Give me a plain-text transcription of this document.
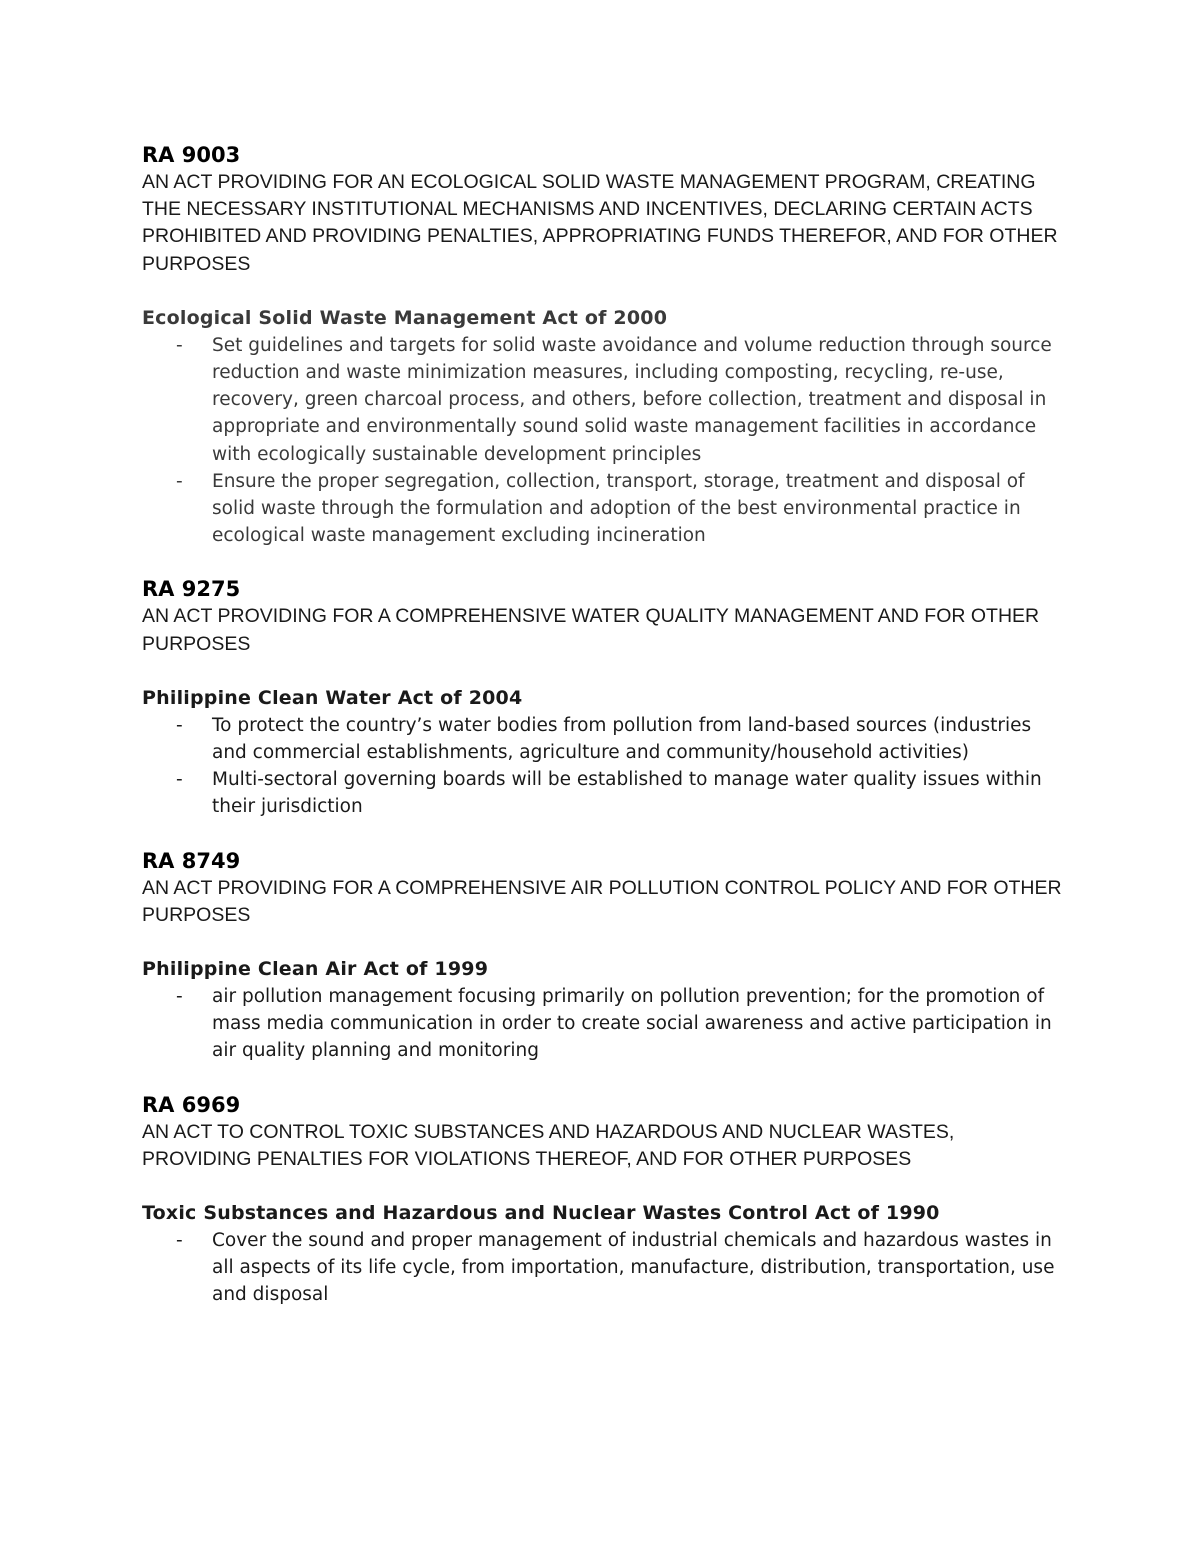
RA 9003

AN ACT PROVIDING FOR AN ECOLOGICAL SOLID WASTE MANAGEMENT PROGRAM, CREATING THE NECESSARY INSTITUTIONAL MECHANISMS AND INCENTIVES, DECLARING CERTAIN ACTS PROHIBITED AND PROVIDING PENALTIES, APPROPRIATING FUNDS THEREFOR, AND FOR OTHER PURPOSES

Ecological Solid Waste Management Act of 2000

- Set guidelines and targets for solid waste avoidance and volume reduction through source reduction and waste minimization measures, including composting, recycling, re-use, recovery, green charcoal process, and others, before collection, treatment and disposal in appropriate and environmentally sound solid waste management facilities in accordance with ecologically sustainable development principles
- Ensure the proper segregation, collection, transport, storage, treatment and disposal of solid waste through the formulation and adoption of the best environmental practice in ecological waste management excluding incineration

RA 9275

AN ACT PROVIDING FOR A COMPREHENSIVE WATER QUALITY MANAGEMENT AND FOR OTHER PURPOSES

Philippine Clean Water Act of 2004

- To protect the country’s water bodies from pollution from land-based sources (industries and commercial establishments, agriculture and community/household activities)
- Multi-sectoral governing boards will be established to manage water quality issues within their jurisdiction

RA 8749

AN ACT PROVIDING FOR A COMPREHENSIVE AIR POLLUTION CONTROL POLICY AND FOR OTHER PURPOSES

Philippine Clean Air Act of 1999

- air pollution management focusing primarily on pollution prevention; for the promotion of mass media communication in order to create social awareness and active participation in air quality planning and monitoring

RA 6969

AN ACT TO CONTROL TOXIC SUBSTANCES AND HAZARDOUS AND NUCLEAR WASTES, PROVIDING PENALTIES FOR VIOLATIONS THEREOF, AND FOR OTHER PURPOSES

Toxic Substances and Hazardous and Nuclear Wastes Control Act of 1990

- Cover the sound and proper management of industrial chemicals and hazardous wastes in all aspects of its life cycle, from importation, manufacture, distribution, transportation, use and disposal
